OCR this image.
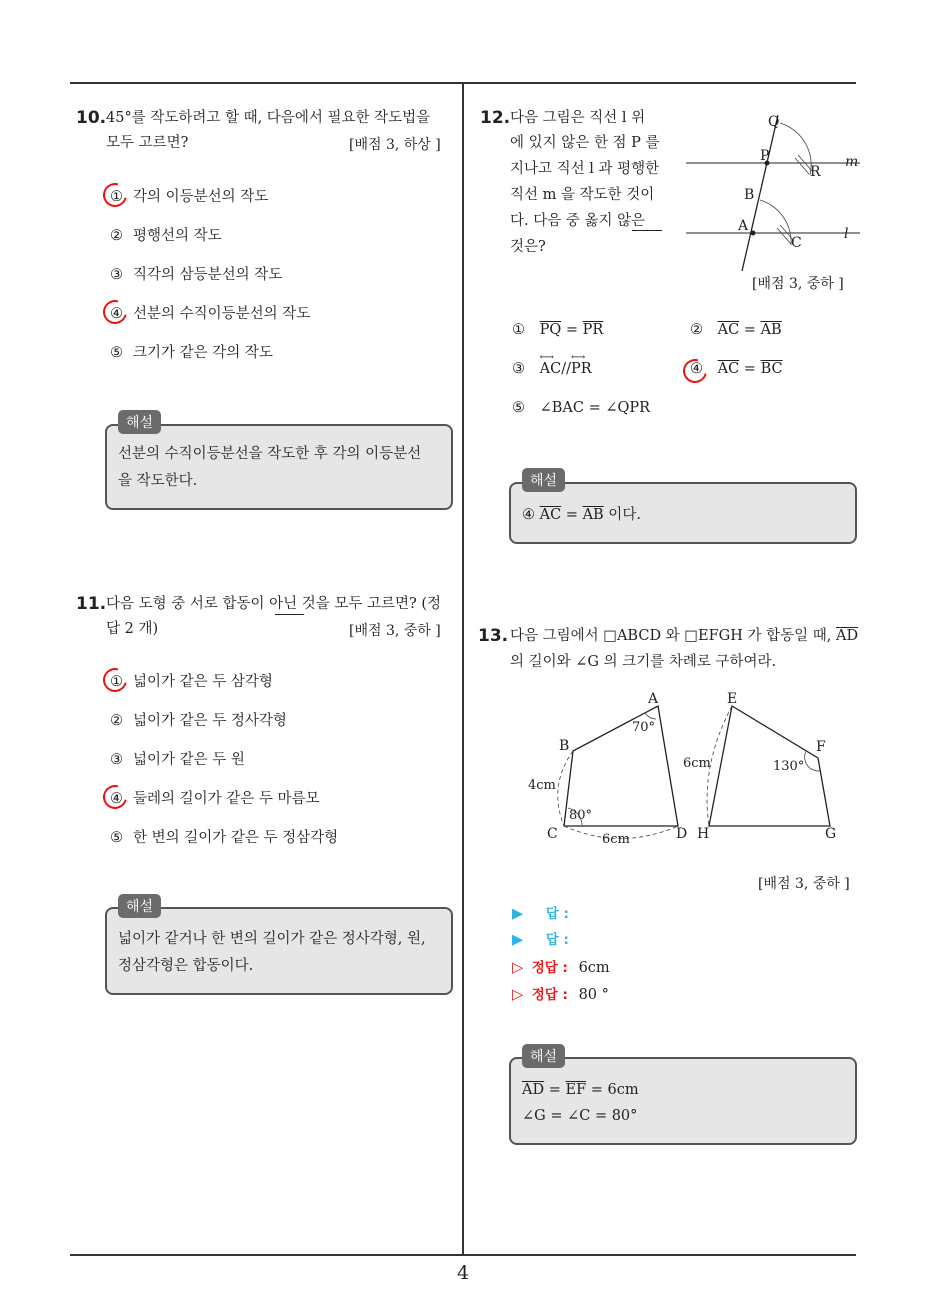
4
10. 45°를 작도하려고 할 때, 다음에서 필요한 작도법을
모두 고르면?	[배점 3, 하상 ]
① 각의 이등분선의 작도
② 평행선의 작도
③ 직각의 삼등분선의 작도
④ 선분의 수직이등분선의 작도
⑤ 크기가 같은 각의 작도
해설
선분의 수직이등분선을 작도한 후 각의 이등분선
을 작도한다.
11. 다음 도형 중 서로 합동이 아닌 것을 모두 고르면? (정
답 2 개)	[배점 3, 중하 ]
① 넓이가 같은 두 삼각형
② 넓이가 같은 두 정사각형
③ 넓이가 같은 두 원
④ 둘레의 길이가 같은 두 마름모
⑤ 한 변의 길이가 같은 두 정삼각형
해설
넓이가 같거나 한 변의 길이가 같은 정사각형, 원,
정삼각형은 합동이다.
12. 다음 그림은 직선 l 위
에 있지 않은 한 점 P 를
지나고 직선 l 과 평행한
직선 m 을 작도한 것이
다. 다음 중 옳지 않은
것은?
Q
P
R
m
B
A
C
l
[배점 3, 중하 ]
① $\overline{PQ} = \overline{PR}$	② $\overline{AC} = \overline{AB}$
③ AC
⟷
//PR
⟷
④ $\overline{AC} = \overline{BC}$
⑤ ∠BAC = ∠QPR
해설
④ $\overline{AC} = \overline{AB}$ 이다.
13. 다음 그림에서 □ABCD 와 □EFGH 가 합동일 때, $\overline{AD}$
의 길이와 ∠G 의 크기를 차례로 구하여라.
A
B
C	D
E
F
G
H
70°
80°
130°
4cm
6cm
6cm
[배점 3, 중하 ]
▶ 답 :
▶ 답 :
▷ 정답 : 6cm
▷ 정답 : 80 °
해설
$\overline{AD} = \overline{EF} = 6cm$
∠G = ∠C = 80°
